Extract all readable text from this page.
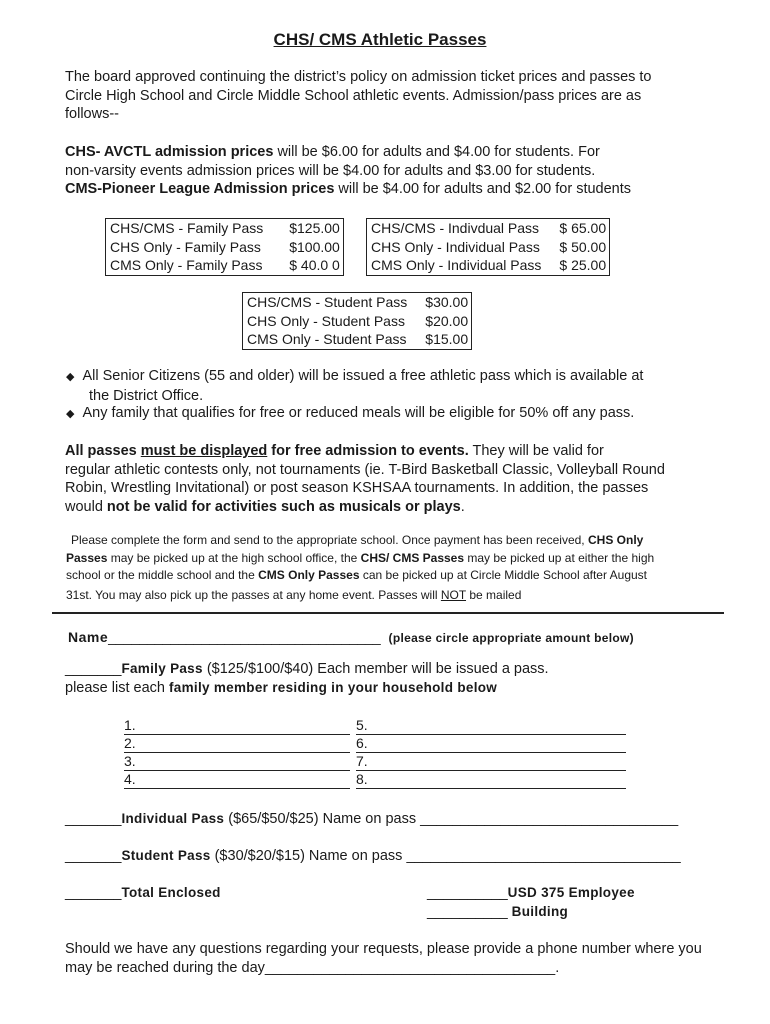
CHS/ CMS Athletic Passes
The board approved continuing the district’s policy on admission ticket prices and passes to
Circle High School and Circle Middle School athletic events. Admission/pass prices are as
follows--
CHS- AVCTL admission prices will be $6.00 for adults and $4.00 for students. For
non-varsity events admission prices will be $4.00 for adults and $3.00 for students.
CMS-Pioneer League Admission prices will be $4.00 for adults and $2.00 for students
CHS/CMS - Family Pass	$125.00
CHS Only - Family Pass	$100.00
CMS Only - Family Pass	$ 40.0 0
CHS/CMS - Indivdual Pass	$ 65.00
CHS Only - Individual Pass	$ 50.00
CMS Only - Individual Pass	$ 25.00
CHS/CMS - Student Pass	$30.00
CHS Only - Student Pass	$20.00
CMS Only - Student Pass	$15.00
◆ All Senior Citizens (55 and older) will be issued a free athletic pass which is available at
the District Office.
◆ Any family that qualifies for free or reduced meals will be eligible for 50% off any pass.
All passes must be displayed for free admission to events. They will be valid for
regular athletic contests only, not tournaments (ie. T-Bird Basketball Classic, Volleyball Round
Robin, Wrestling Invitational) or post season KSHSAA tournaments. In addition, the passes
would not be valid for activities such as musicals or plays.
Please complete the form and send to the appropriate school. Once payment has been received, CHS Only
Passes may be picked up at the high school office, the CHS/ CMS Passes may be picked up at either the high
school or the middle school and the CMS Only Passes can be picked up at Circle Middle School after August
31st. You may also pick up the passes at any home event. Passes will NOT be mailed
Name___________________________________ (please circle appropriate amount below)
_______Family Pass ($125/$100/$40) Each member will be issued a pass.
please list each family member residing in your household below
1.
2.
3.
4.
5.
6.
7.
8.
_______Individual Pass ($65/$50/$25) Name on pass ________________________________
_______Student Pass ($30/$20/$15) Name on pass __________________________________
_______Total Enclosed	__________USD 375 Employee
__________ Building
Should we have any questions regarding your requests, please provide a phone number where you
may be reached during the day____________________________________.
